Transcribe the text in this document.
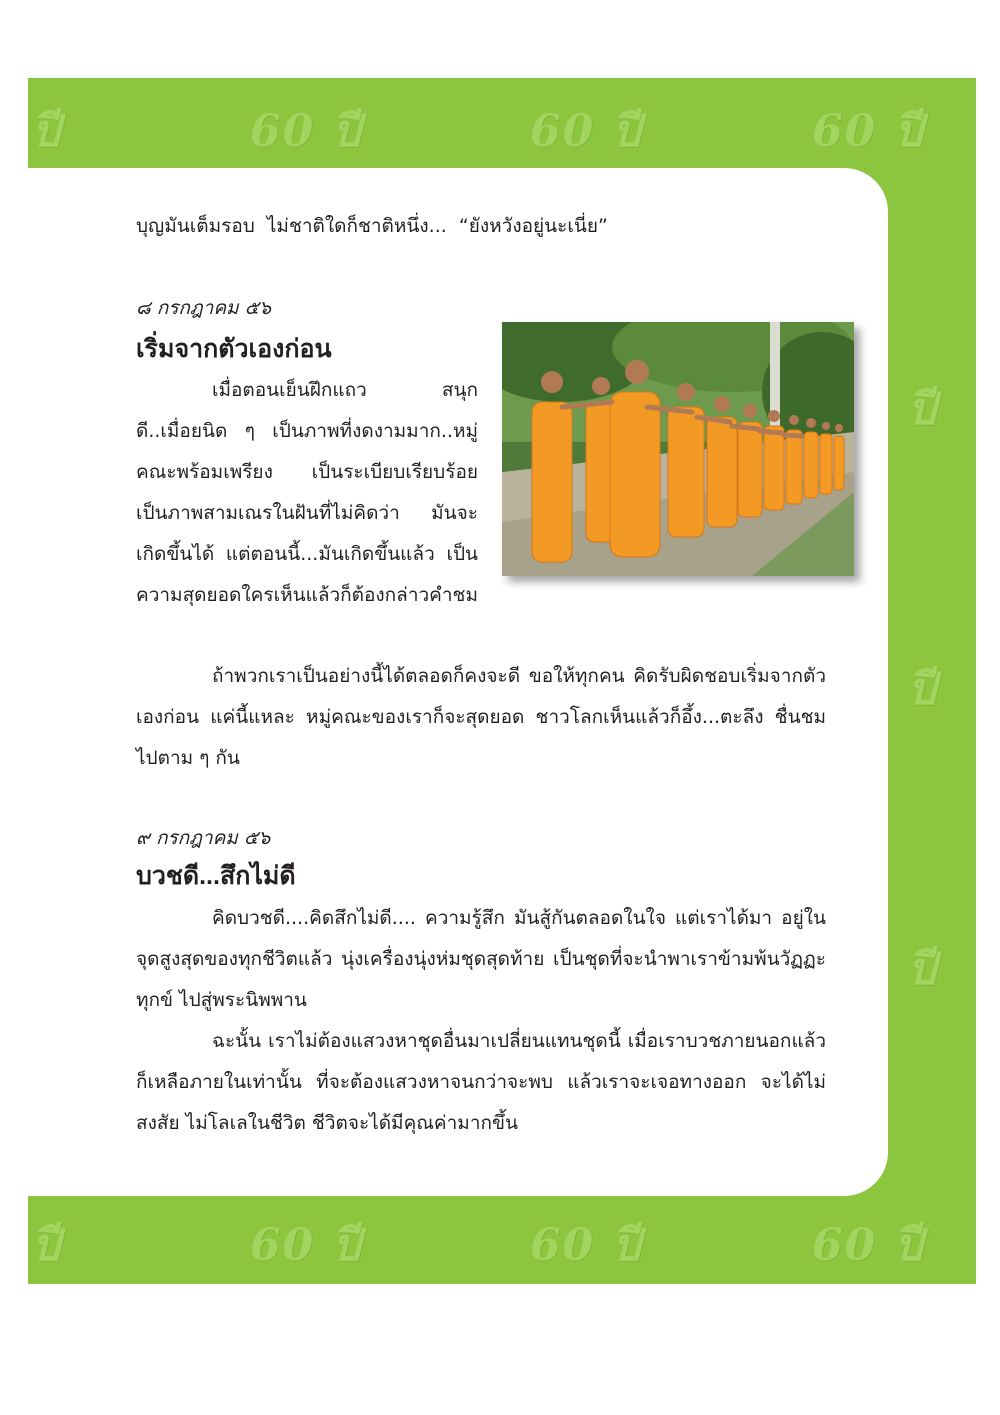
ปี	60 ปี	60 ปี	60 ปี
ปี
ปี
ปี
ปี	60 ปี	60 ปี	60 ปี
บุญมันเต็มรอบ  ไม่ชาติใดก็ชาติหนึ่ง...  “ยังหวังอยู่นะเนี่ย”
๘ กรกฎาคม ๕๖
เริ่มจากตัวเองก่อน

เมื่อตอนเย็นฝึกแถว สนุก ดี..เมื่อยนิด ๆ เป็นภาพที่งดงามมาก..หมู่คณะพร้อมเพรียง เป็นระเบียบเรียบร้อย เป็นภาพสามเณรในฝันที่ไม่คิดว่า มันจะเกิดขึ้นได้ แต่ตอนนี้...มันเกิดขึ้นแล้ว เป็นความสุดยอดใครเห็นแล้วก็ต้องกล่าวคำชม

ถ้าพวกเราเป็นอย่างนี้ได้ตลอดก็คงจะดี ขอให้ทุกคน คิดรับผิดชอบเริ่มจากตัวเองก่อน แค่นี้แหละ หมู่คณะของเราก็จะสุดยอด ชาวโลกเห็นแล้วก็อึ้ง...ตะลึง ชื่นชมไปตาม ๆ กัน

๙ กรกฎาคม ๕๖
บวชดี...สึกไม่ดี

คิดบวชดี....คิดสึกไม่ดี.... ความรู้สึก มันสู้กันตลอดในใจ แต่เราได้มา อยู่ในจุดสูงสุดของทุกชีวิตแล้ว นุ่งเครื่องนุ่งห่มชุดสุดท้าย เป็นชุดที่จะนำพาเราข้ามพ้นวัฏฏะทุกข์ ไปสู่พระนิพพาน

ฉะนั้น เราไม่ต้องแสวงหาชุดอื่นมาเปลี่ยนแทนชุดนี้ เมื่อเราบวชภายนอกแล้ว ก็เหลือภายในเท่านั้น ที่จะต้องแสวงหาจนกว่าจะพบ แล้วเราจะเจอทางออก จะได้ไม่สงสัย ไม่โลเลในชีวิต ชีวิตจะได้มีคุณค่ามากขึ้น
